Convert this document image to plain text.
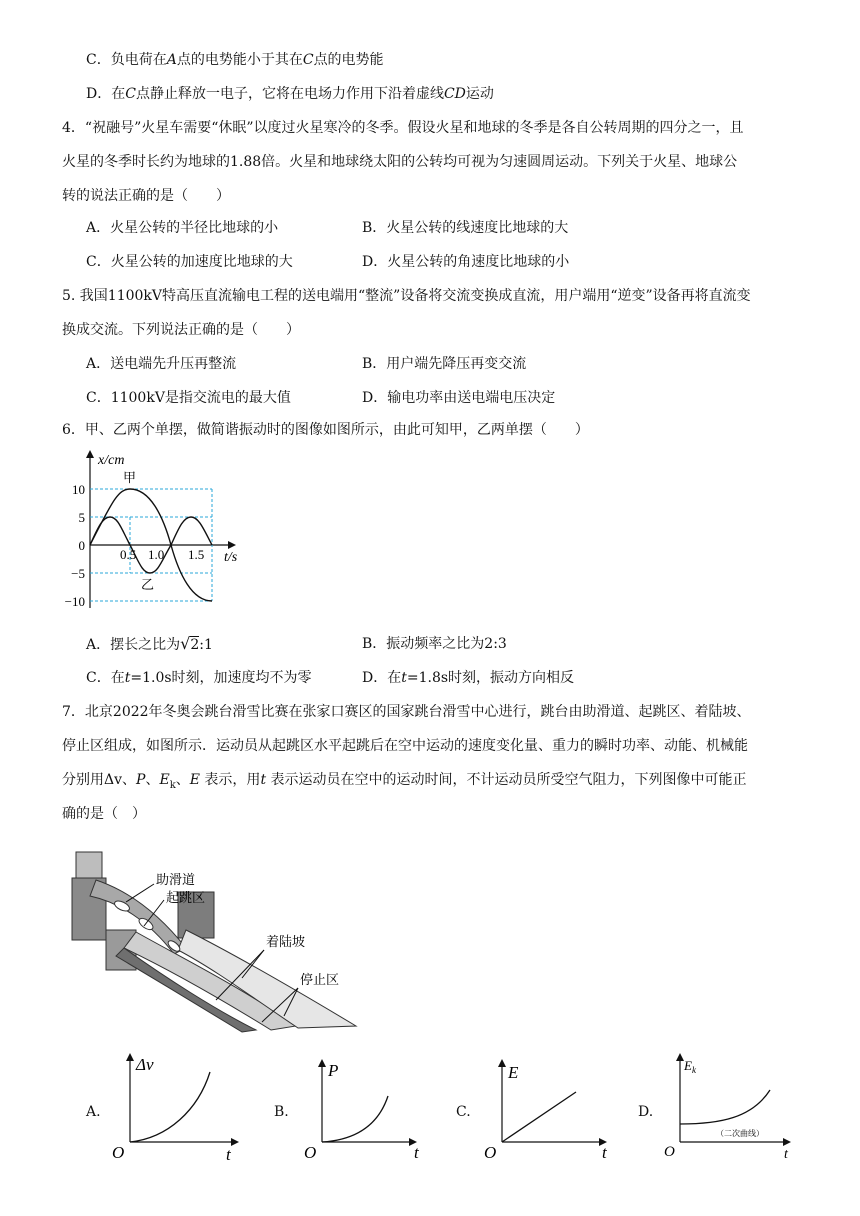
C．负电荷在A点的电势能小于其在C点的电势能
D．在C点静止释放一电子，它将在电场力作用下沿着虚线CD运动
4．“祝融号”火星车需要“休眠”以度过火星寒冷的冬季。假设火星和地球的冬季是各自公转周期的四分之一，且
火星的冬季时长约为地球的1.88倍。火星和地球绕太阳的公转均可视为匀速圆周运动。下列关于火星、地球公
转的说法正确的是（　　）
A．火星公转的半径比地球的小	B．火星公转的线速度比地球的大
C．火星公转的加速度比地球的大	D．火星公转的角速度比地球的小
5. 我国1100kV特高压直流输电工程的送电端用“整流”设备将交流变换成直流，用户端用“逆变”设备再将直流变
换成交流。下列说法正确的是（　　）
A．送电端先升压再整流	B．用户端先降压再变交流
C．1100kV是指交流电的最大值	D．输电功率由送电端电压决定
6．甲、乙两个单摆，做简谐振动时的图像如图所示，由此可知甲，乙两单摆（　　）
x/cm
t/s
10
5
0
−5
−10
0.5 1.0 1.5
甲
乙
A．摆长之比为√2:1	B．振动频率之比为2:3
C．在t=1.0s时刻，加速度均不为零	D．在t=1.8s时刻，振动方向相反
7．北京2022年冬奥会跳台滑雪比赛在张家口赛区的国家跳台滑雪中心进行，跳台由助滑道、起跳区、着陆坡、
停止区组成，如图所示．运动员从起跳区水平起跳后在空中运动的速度变化量、重力的瞬时功率、动能、机械能
分别用Δv、P、$E_k$、E 表示，用t 表示运动员在空中的运动时间，不计运动员所受空气阻力，下列图像中可能正
确的是（　）
助滑道
起跳区
着陆坡
停止区
A.
Δv
t
O
B.
P
t
O
C.
E
t
O
D.
$E_k$
（二次曲线）
t
O
